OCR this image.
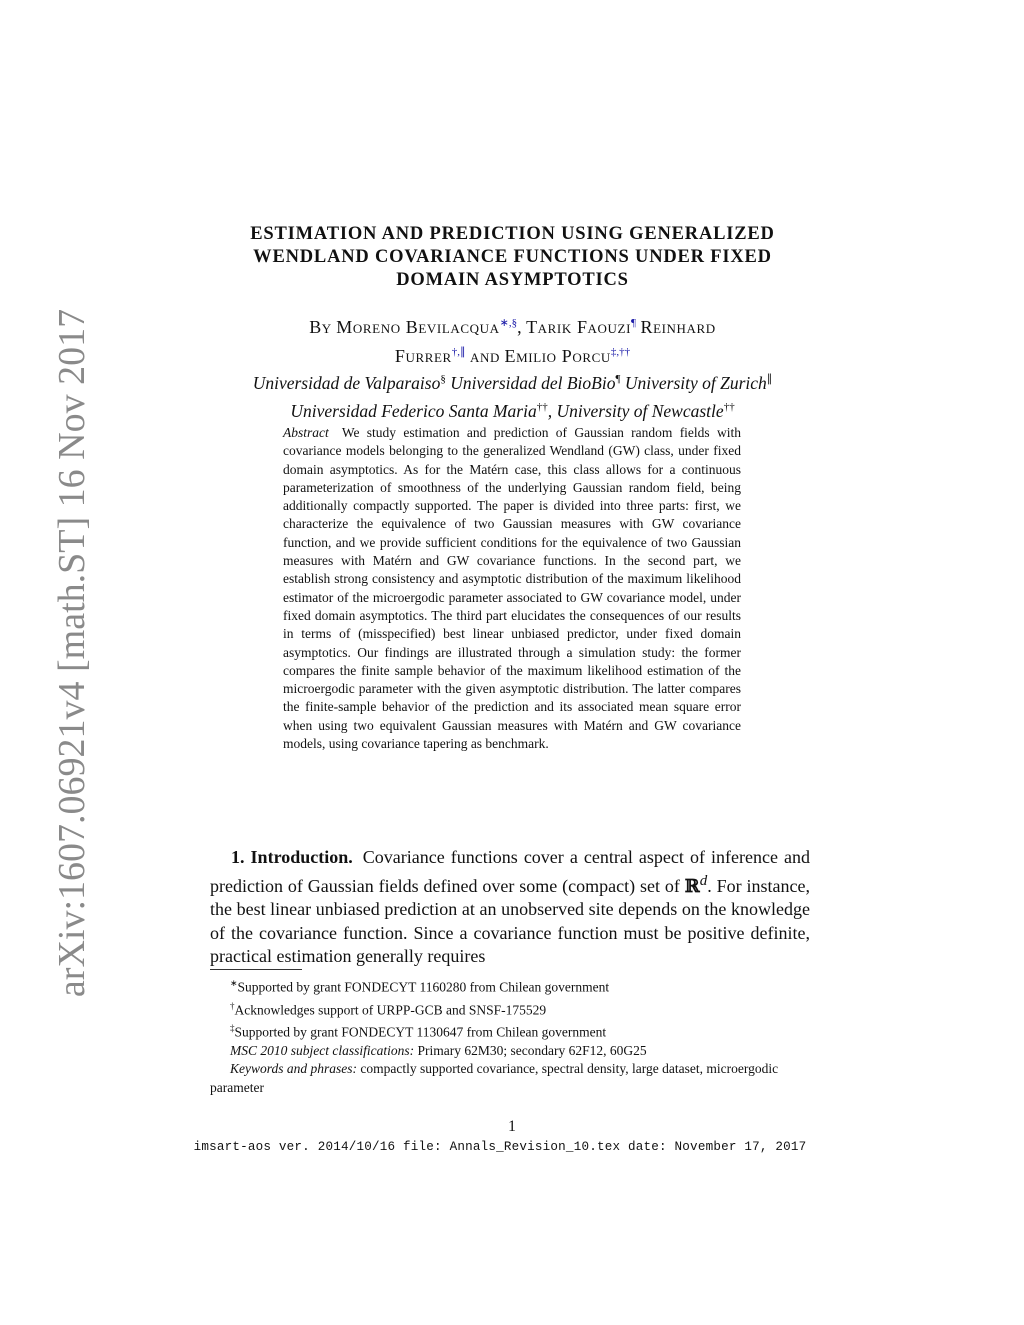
arXiv:1607.06921v4 [math.ST] 16 Nov 2017
ESTIMATION AND PREDICTION USING GENERALIZED
WENDLAND COVARIANCE FUNCTIONS UNDER FIXED
DOMAIN ASYMPTOTICS
By Moreno Bevilacqua∗,§, Tarik Faouzi¶ Reinhard
Furrer†,∥ and Emilio Porcu‡,††
Universidad de Valparaiso§ Universidad del BioBio¶ University of Zurich∥
Universidad Federico Santa Maria††, University of Newcastle††
Abstract We study estimation and prediction of Gaussian random fields with covariance models belonging to the generalized Wendland (GW) class, under fixed domain asymptotics. As for the Matérn case, this class allows for a continuous parameterization of smoothness of the underlying Gaussian random field, being additionally compactly supported. The paper is divided into three parts: first, we characterize the equivalence of two Gaussian measures with GW covariance function, and we provide sufficient conditions for the equivalence of two Gaussian measures with Matérn and GW covariance functions. In the second part, we establish strong consistency and asymptotic distribution of the maximum likelihood estimator of the microergodic parameter associated to GW covariance model, under fixed domain asymptotics. The third part elucidates the consequences of our results in terms of (misspecified) best linear unbiased predictor, under fixed domain asymptotics. Our findings are illustrated through a simulation study: the former compares the finite sample behavior of the maximum likelihood estimation of the microergodic parameter with the given asymptotic distribution. The latter compares the finite-sample behavior of the prediction and its associated mean square error when using two equivalent Gaussian measures with Matérn and GW covariance models, using covariance tapering as benchmark.
1. Introduction. Covariance functions cover a central aspect of inference and prediction of Gaussian fields defined over some (compact) set of ℝ$^d$. For instance, the best linear unbiased prediction at an unobserved site depends on the knowledge of the covariance function. Since a covariance function must be positive definite, practical estimation generally requires
∗Supported by grant FONDECYT 1160280 from Chilean government
†Acknowledges support of URPP-GCB and SNSF-175529
‡Supported by grant FONDECYT 1130647 from Chilean government
MSC 2010 subject classifications: Primary 62M30; secondary 62F12, 60G25
Keywords and phrases: compactly supported covariance, spectral density, large dataset, microergodic parameter
1
imsart-aos ver. 2014/10/16 file: Annals_Revision_10.tex date: November 17, 2017
